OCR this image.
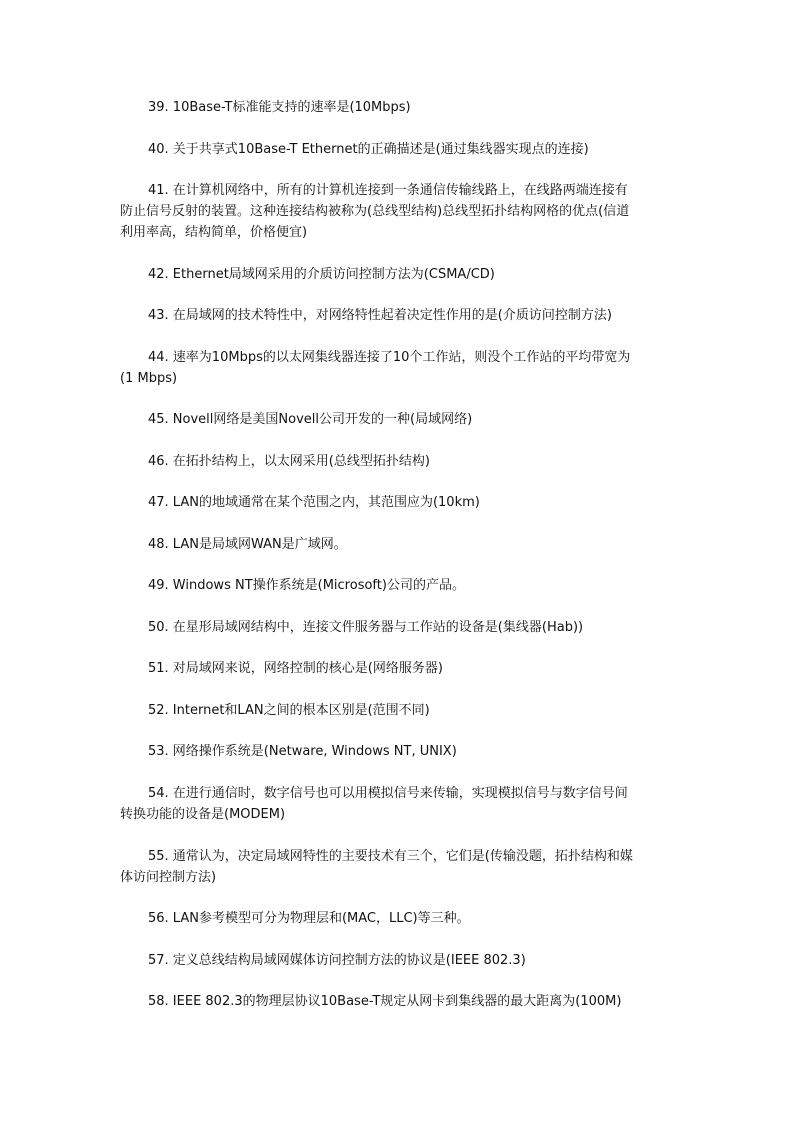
39. 10Base-T标准能支持的速率是(10Mbps)
40. 关于共享式10Base-T Ethernet的正确描述是(通过集线器实现点的连接)
41. 在计算机网络中，所有的计算机连接到一条通信传输线路上，在线路两端连接有
防止信号反射的装置。这种连接结构被称为(总线型结构)总线型拓扑结构网格的优点(信道
利用率高，结构简单，价格便宜)
42. Ethernet局域网采用的介质访问控制方法为(CSMA/CD)
43. 在局域网的技术特性中，对网络特性起着决定性作用的是(介质访问控制方法)
44. 速率为10Mbps的以太网集线器连接了10个工作站，则没个工作站的平均带宽为
(1 Mbps)
45. Novell网络是美国Novell公司开发的一种(局域网络)
46. 在拓扑结构上，以太网采用(总线型拓扑结构)
47. LAN的地域通常在某个范围之内，其范围应为(10km)
48. LAN是局域网WAN是广域网。
49. Windows NT操作系统是(Microsoft)公司的产品。
50. 在星形局域网结构中，连接文件服务器与工作站的设备是(集线器(Hab))
51. 对局域网来说，网络控制的核心是(网络服务器)
52. Internet和LAN之间的根本区别是(范围不同)
53. 网络操作系统是(Netware, Windows NT, UNIX)
54. 在进行通信时，数字信号也可以用模拟信号来传输，实现模拟信号与数字信号间
转换功能的设备是(MODEM)
55. 通常认为，决定局域网特性的主要技术有三个，它们是(传输没题，拓扑结构和媒
体访问控制方法)
56. LAN参考模型可分为物理层和(MAC，LLC)等三种。
57. 定义总线结构局域网媒体访问控制方法的协议是(IEEE 802.3)
58. IEEE 802.3的物理层协议10Base-T规定从网卡到集线器的最大距离为(100M)
